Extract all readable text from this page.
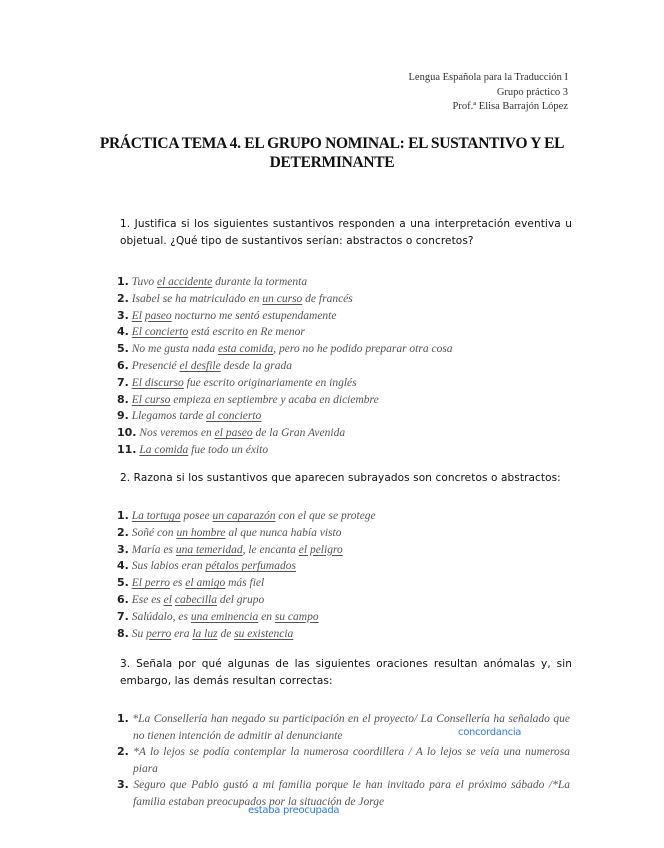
Lengua Española para la Traducción I
Grupo práctico 3
Prof.ª Elisa Barrajón López
PRÁCTICA TEMA 4. EL GRUPO NOMINAL: EL SUSTANTIVO Y EL DETERMINANTE
1. Justifica si los siguientes sustantivos responden a una interpretación eventiva u objetual. ¿Qué tipo de sustantivos serían: abstractos o concretos?
1. Tuvo el accidente durante la tormenta
2. Isabel se ha matriculado en un curso de francés
3. El paseo nocturno me sentó estupendamente
4. El concierto está escrito en Re menor
5. No me gusta nada esta comida, pero no he podido preparar otra cosa
6. Presencié el desfile desde la grada
7. El discurso fue escrito originariamente en inglés
8. El curso empieza en septiembre y acaba en diciembre
9. Llegamos tarde al concierto
10. Nos veremos en el paseo de la Gran Avenida
11. La comida fue todo un éxito
2. Razona si los sustantivos que aparecen subrayados son concretos o abstractos:
1. La tortuga posee un caparazón con el que se protege
2. Soñé con un hombre al que nunca había visto
3. María es una temeridad, le encanta el peligro
4. Sus labios eran pétalos perfumados
5. El perro es el amigo más fiel
6. Ese es el cabecilla del grupo
7. Salúdalo, es una eminencia en su campo
8. Su perro era la luz de su existencia
3. Señala por qué algunas de las siguientes oraciones resultan anómalas y, sin embargo, las demás resultan correctas:
1. *La Consellería han negado su participación en el proyecto/ La Consellería ha señalado que no tienen intención de admitir al denunciante
2. *A lo lejos se podía contemplar la numerosa coordillera / A lo lejos se veía una numerosa piara
3. Seguro que Pablo gustó a mi familia porque le han invitado para el próximo sábado /*La familia estaban preocupados por la situación de Jorge
concordancia
estaba preocupada
